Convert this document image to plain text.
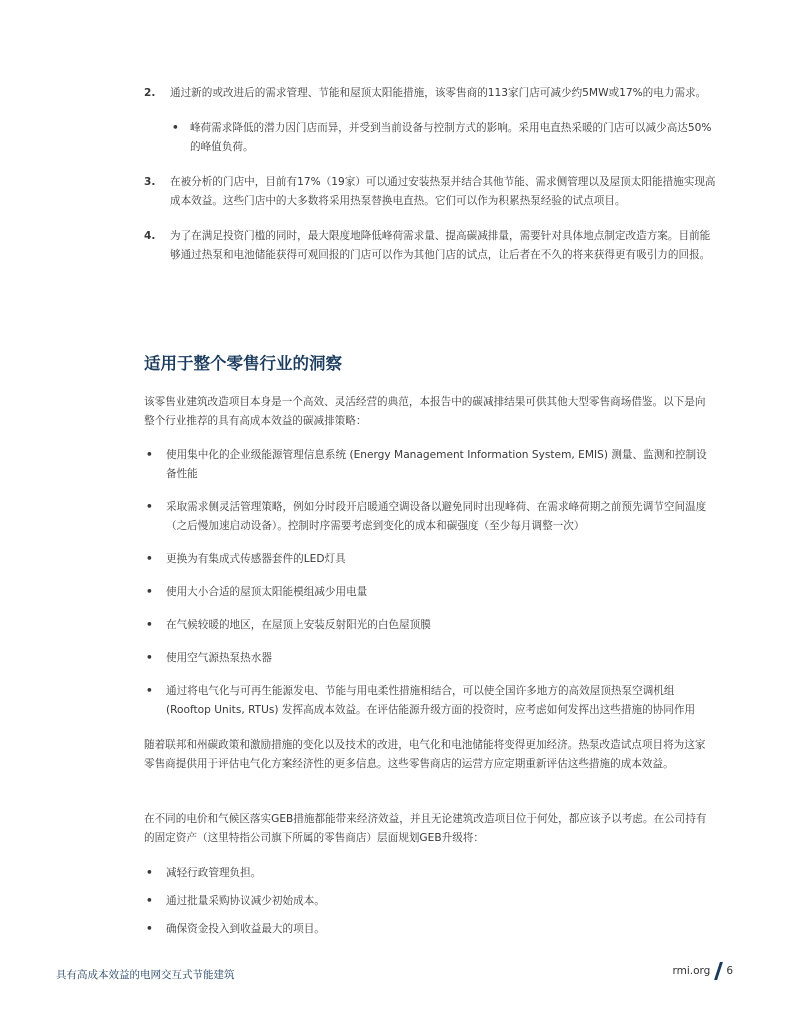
2. 通过新的或改进后的需求管理、节能和屋顶太阳能措施，该零售商的113家门店可减少约5MW或17%的电力需求。
• 峰荷需求降低的潜力因门店而异，并受到当前设备与控制方式的影响。采用电直热采暖的门店可以减少高达50%的峰值负荷。
3. 在被分析的门店中，目前有17%（19家）可以通过安装热泵并结合其他节能、需求侧管理以及屋顶太阳能措施实现高成本效益。这些门店中的大多数将采用热泵替换电直热。它们可以作为积累热泵经验的试点项目。
4. 为了在满足投资门槛的同时，最大限度地降低峰荷需求量、提高碳减排量，需要针对具体地点制定改造方案。目前能够通过热泵和电池储能获得可观回报的门店可以作为其他门店的试点，让后者在不久的将来获得更有吸引力的回报。
适用于整个零售行业的洞察
该零售业建筑改造项目本身是一个高效、灵活经营的典范，本报告中的碳减排结果可供其他大型零售商场借鉴。以下是向整个行业推荐的具有高成本效益的碳减排策略：
• 使用集中化的企业级能源管理信息系统 (Energy Management Information System, EMIS) 测量、监测和控制设备性能
• 采取需求侧灵活管理策略，例如分时段开启暖通空调设备以避免同时出现峰荷、在需求峰荷期之前预先调节空间温度（之后慢加速启动设备）。控制时序需要考虑到变化的成本和碳强度（至少每月调整一次）
• 更换为有集成式传感器套件的LED灯具
• 使用大小合适的屋顶太阳能模组减少用电量
• 在气候较暖的地区，在屋顶上安装反射阳光的白色屋顶膜
• 使用空气源热泵热水器
• 通过将电气化与可再生能源发电、节能与用电柔性措施相结合，可以使全国许多地方的高效屋顶热泵空调机组(Rooftop Units, RTUs) 发挥高成本效益。在评估能源升级方面的投资时，应考虑如何发挥出这些措施的协同作用
随着联邦和州碳政策和激励措施的变化以及技术的改进，电气化和电池储能将变得更加经济。热泵改造试点项目将为这家零售商提供用于评估电气化方案经济性的更多信息。这些零售商店的运营方应定期重新评估这些措施的成本效益。
在不同的电价和气候区落实GEB措施都能带来经济效益，并且无论建筑改造项目位于何处，都应该予以考虑。在公司持有的固定资产（这里特指公司旗下所属的零售商店）层面规划GEB升级将：
• 减轻行政管理负担。
• 通过批量采购协议减少初始成本。
• 确保资金投入到收益最大的项目。
具有高成本效益的电网交互式节能建筑	rmi.org 6
